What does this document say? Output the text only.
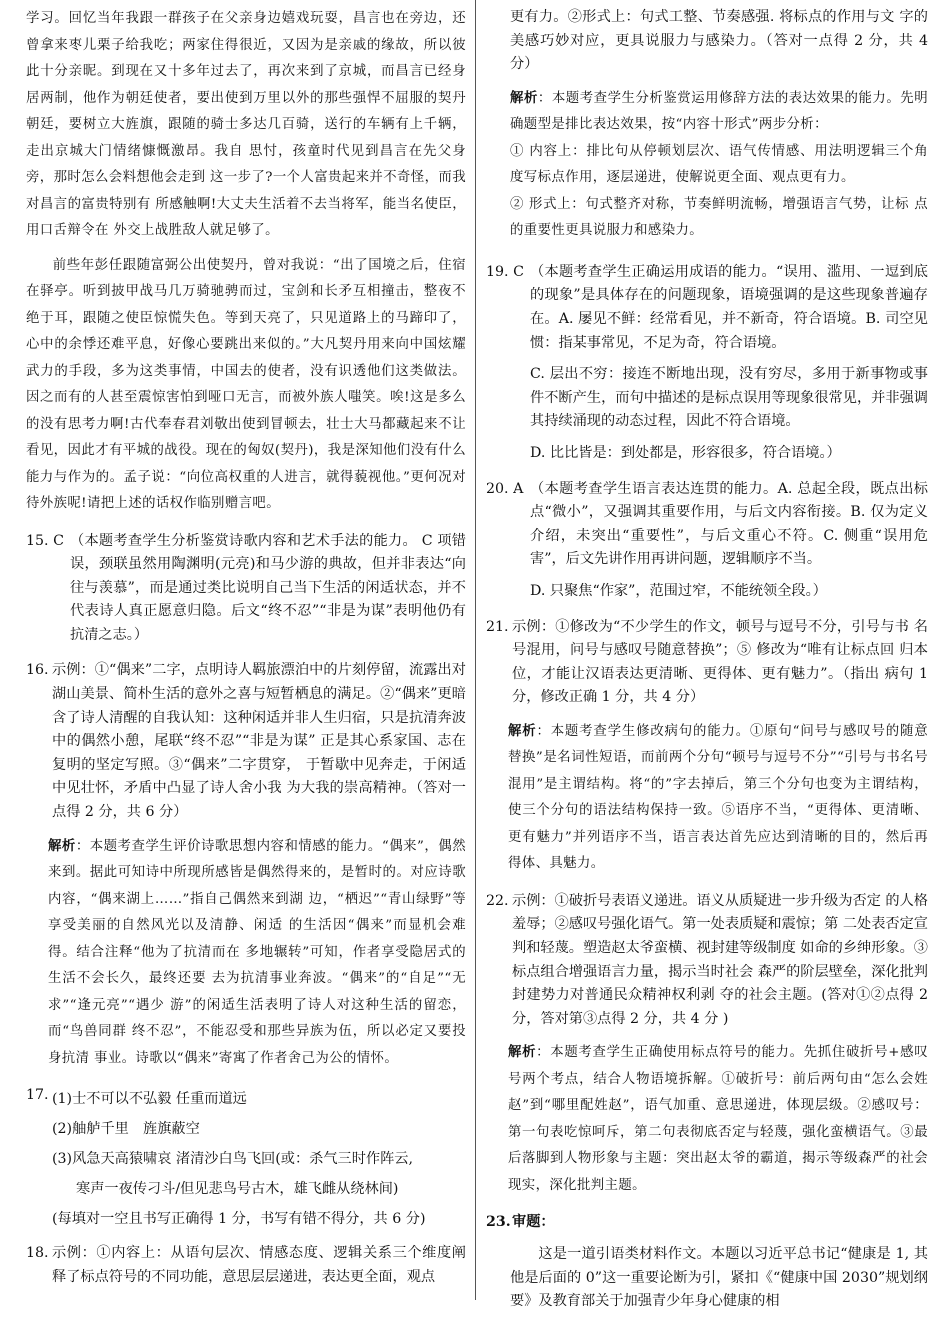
学习。回忆当年我跟一群孩子在父亲身边嬉戏玩耍，昌言也在旁边，还曾拿来枣儿栗子给我吃；两家住得很近，又因为是亲戚的缘故，所以彼此十分亲昵。到现在又十多年过去了，再次来到了京城，而昌言已经身居两制，他作为朝廷使者，要出使到万里以外的那些强悍不屈服的契丹朝廷，要树立大旌旗，跟随的骑士多达几百骑，送行的车辆有上千辆，走出京城大门情绪慷慨激昂。我自 思忖，孩童时代见到昌言在先父身旁，那时怎么会料想他会走到 这一步了?一个人富贵起来并不奇怪，而我对昌言的富贵特别有 所感触啊!大丈夫生活着不去当将军，能当名使臣，用口舌辩令在 外交上战胜敌人就足够了。

前些年彭任跟随富弼公出使契丹，曾对我说：“出了国境之后，住宿在驿亭。听到披甲战马几万骑驰骋而过，宝剑和长矛互相撞击，整夜不绝于耳，跟随之使臣惊慌失色。等到天亮了，只见道路上的马蹄印了，心中的余悸还难平息，好像心要跳出来似的。”大凡契丹用来向中国炫耀武力的手段，多为这类事情，中国去的使者，没有识透他们这类做法。因之而有的人甚至震惊害怕到哑口无言，而被外族人嗤笑。唉!这是多么的没有思考力啊!古代奉春君刘敬出使到冒顿去，壮士大马都藏起来不让看见，因此才有平城的战役。现在的匈奴(契丹)，我是深知他们没有什么能力与作为的。孟子说：“向位高权重的人进言，就得藐视他。”更何况对待外族呢!请把上述的话权作临别赠言吧。

15. C （本题考查学生分析鉴赏诗歌内容和艺术手法的能力。 C 项错误，颈联虽然用陶渊明(元亮)和马少游的典故，但并非表达“向往与羡慕”，而是通过类比说明自己当下生活的闲适状态，并不代表诗人真正愿意归隐。后文“终不忍”“非是为谋”表明他仍有抗清之志。）

16. 示例：①“偶来”二字，点明诗人羁旅漂泊中的片刻停留，流露出对湖山美景、简朴生活的意外之喜与短暂栖息的满足。②“偶来”更暗含了诗人清醒的自我认知：这种闲适并非人生归宿，只是抗清奔波中的偶然小憩，尾联“终不忍”“非是为谋” 正是其心系家国、志在复明的坚定写照。③“偶来”二字贯穿， 于暂歇中见奔走，于闲适中见壮怀，矛盾中凸显了诗人舍小我 为大我的崇高精神。（答对一点得 2 分，共 6 分）

解析：本题考查学生评价诗歌思想内容和情感的能力。“偶来”，偶然来到。据此可知诗中所现所感皆是偶然得来的，是暂时的。对应诗歌内容，“偶来湖上……”指自己偶然来到湖 边，“栖迟”“青山绿野”等享受美丽的自然风光以及清静、闲适 的生活因“偶来”而显机会难得。结合注释“他为了抗清而在 多地辗转”可知，作者享受隐居式的生活不会长久，最终还要 去为抗清事业奔波。“偶来”的“自足”“无求”“逢元亮”“遇少 游”的闲适生活表明了诗人对这种生活的留恋，而“鸟兽同群 终不忍”，不能忍受和那些异族为伍，所以必定又要投身抗清 事业。诗歌以“偶来”寄寓了作者舍己为公的情怀。

17. (1)士不可以不弘毅 任重而道远
(2)舳舻千里　旌旗蔽空
(3)风急天高猿啸哀 渚清沙白鸟飞回(或：杀气三时作阵云,
寒声一夜传刁斗/但见悲鸟号古木，雄飞雌从绕林间)
(每填对一空且书写正确得 1 分，书写有错不得分，共 6 分)
18. 示例：①内容上：从语句层次、情感态度、逻辑关系三个维度阐 释了标点符号的不同功能，意思层层递进，表达更全面，观点

更有力。②形式上：句式工整、节奏感强. 将标点的作用与文 字的美感巧妙对应，更具说服力与感染力。（答对一点得 2 分，共 4 分）

解析：本题考查学生分析鉴赏运用修辞方法的表达效果的能力。先明确题型是排比表达效果，按“内容十形式”两步分析：

① 内容上：排比句从停顿划层次、语气传情感、用法明逻辑三个角度写标点作用，逐层递进，使解说更全面、观点更有力。

② 形式上：句式整齐对称，节奏鲜明流畅，增强语言气势，让标 点的重要性更具说服力和感染力。

19. C （本题考查学生正确运用成语的能力。“误用、滥用、一逗到底的现象”是具体存在的问题现象，语境强调的是这些现象普遍存在。A. 屡见不鲜：经常看见，并不新奇，符合语境。B. 司空见惯：指某事常见，不足为奇，符合语境。

C. 层出不穷：接连不断地出现，没有穷尽，多用于新事物或事件不断产生，而句中描述的是标点误用等现象很常见，并非强调其持续涌现的动态过程，因此不符合语境。

D. 比比皆是：到处都是，形容很多，符合语境。）

20. A （本题考查学生语言表达连贯的能力。A. 总起全段，既点出标点“微小”，又强调其重要作用，与后文内容衔接。B. 仅为定义介绍，未突出“重要性”，与后文重心不符。C. 侧重“误用危害”，后文先讲作用再讲问题，逻辑顺序不当。

D. 只聚焦“作家”，范围过窄，不能统领全段。）

21. 示例：①修改为“不少学生的作文，顿号与逗号不分，引号与书 名号混用，问号与感叹号随意替换”；⑤ 修改为“唯有让标点回 归本位，才能让汉语表达更清晰、更得体、更有魅力”。（指出 病句 1 分，修改正确 1 分，共 4 分）

解析：本题考查学生修改病句的能力。①原句“问号与感叹号的随意替换”是名词性短语，而前两个分句“顿号与逗号不分”“引号与书名号混用”是主谓结构。将“的”字去掉后，第三个分句也变为主谓结构，使三个分句的语法结构保持一致。⑤语序不当，“更得体、更清晰、更有魅力”并列语序不当，语言表达首先应达到清晰的目的，然后再得体、具魅力。

22. 示例：①破折号表语义递进。语义从质疑进一步升级为否定 的人格羞辱；②感叹号强化语气。第一处表质疑和震惊；第 二处表否定宣判和轻蔑。塑造赵太爷蛮横、视封建等级制度 如命的乡绅形象。③标点组合增强语言力量，揭示当时社会 森严的阶层壁垒，深化批判封建势力对普通民众精神权利剥 夺的社会主题。(答对①②点得 2 分，答对第③点得 2 分，共 4 分 )

解析：本题考查学生正确使用标点符号的能力。先抓住破折号+感叹号两个考点，结合人物语境拆解。①破折号：前后两句由“怎么会姓赵”到“哪里配姓赵”，语气加重、意思递进，体现层级。②感叹号：第一句表吃惊呵斥，第二句表彻底否定与轻蔑，强化蛮横语气。③最后落脚到人物形象与主题：突出赵太爷的霸道，揭示等级森严的社会现实，深化批判主题。

23. 审题：

这是一道引语类材料作文。本题以习近平总书记“健康是 1, 其他是后面的 0”这一重要论断为引，紧扣《“健康中国 2030”规划纲要》及教育部关于加强青少年身心健康的相
